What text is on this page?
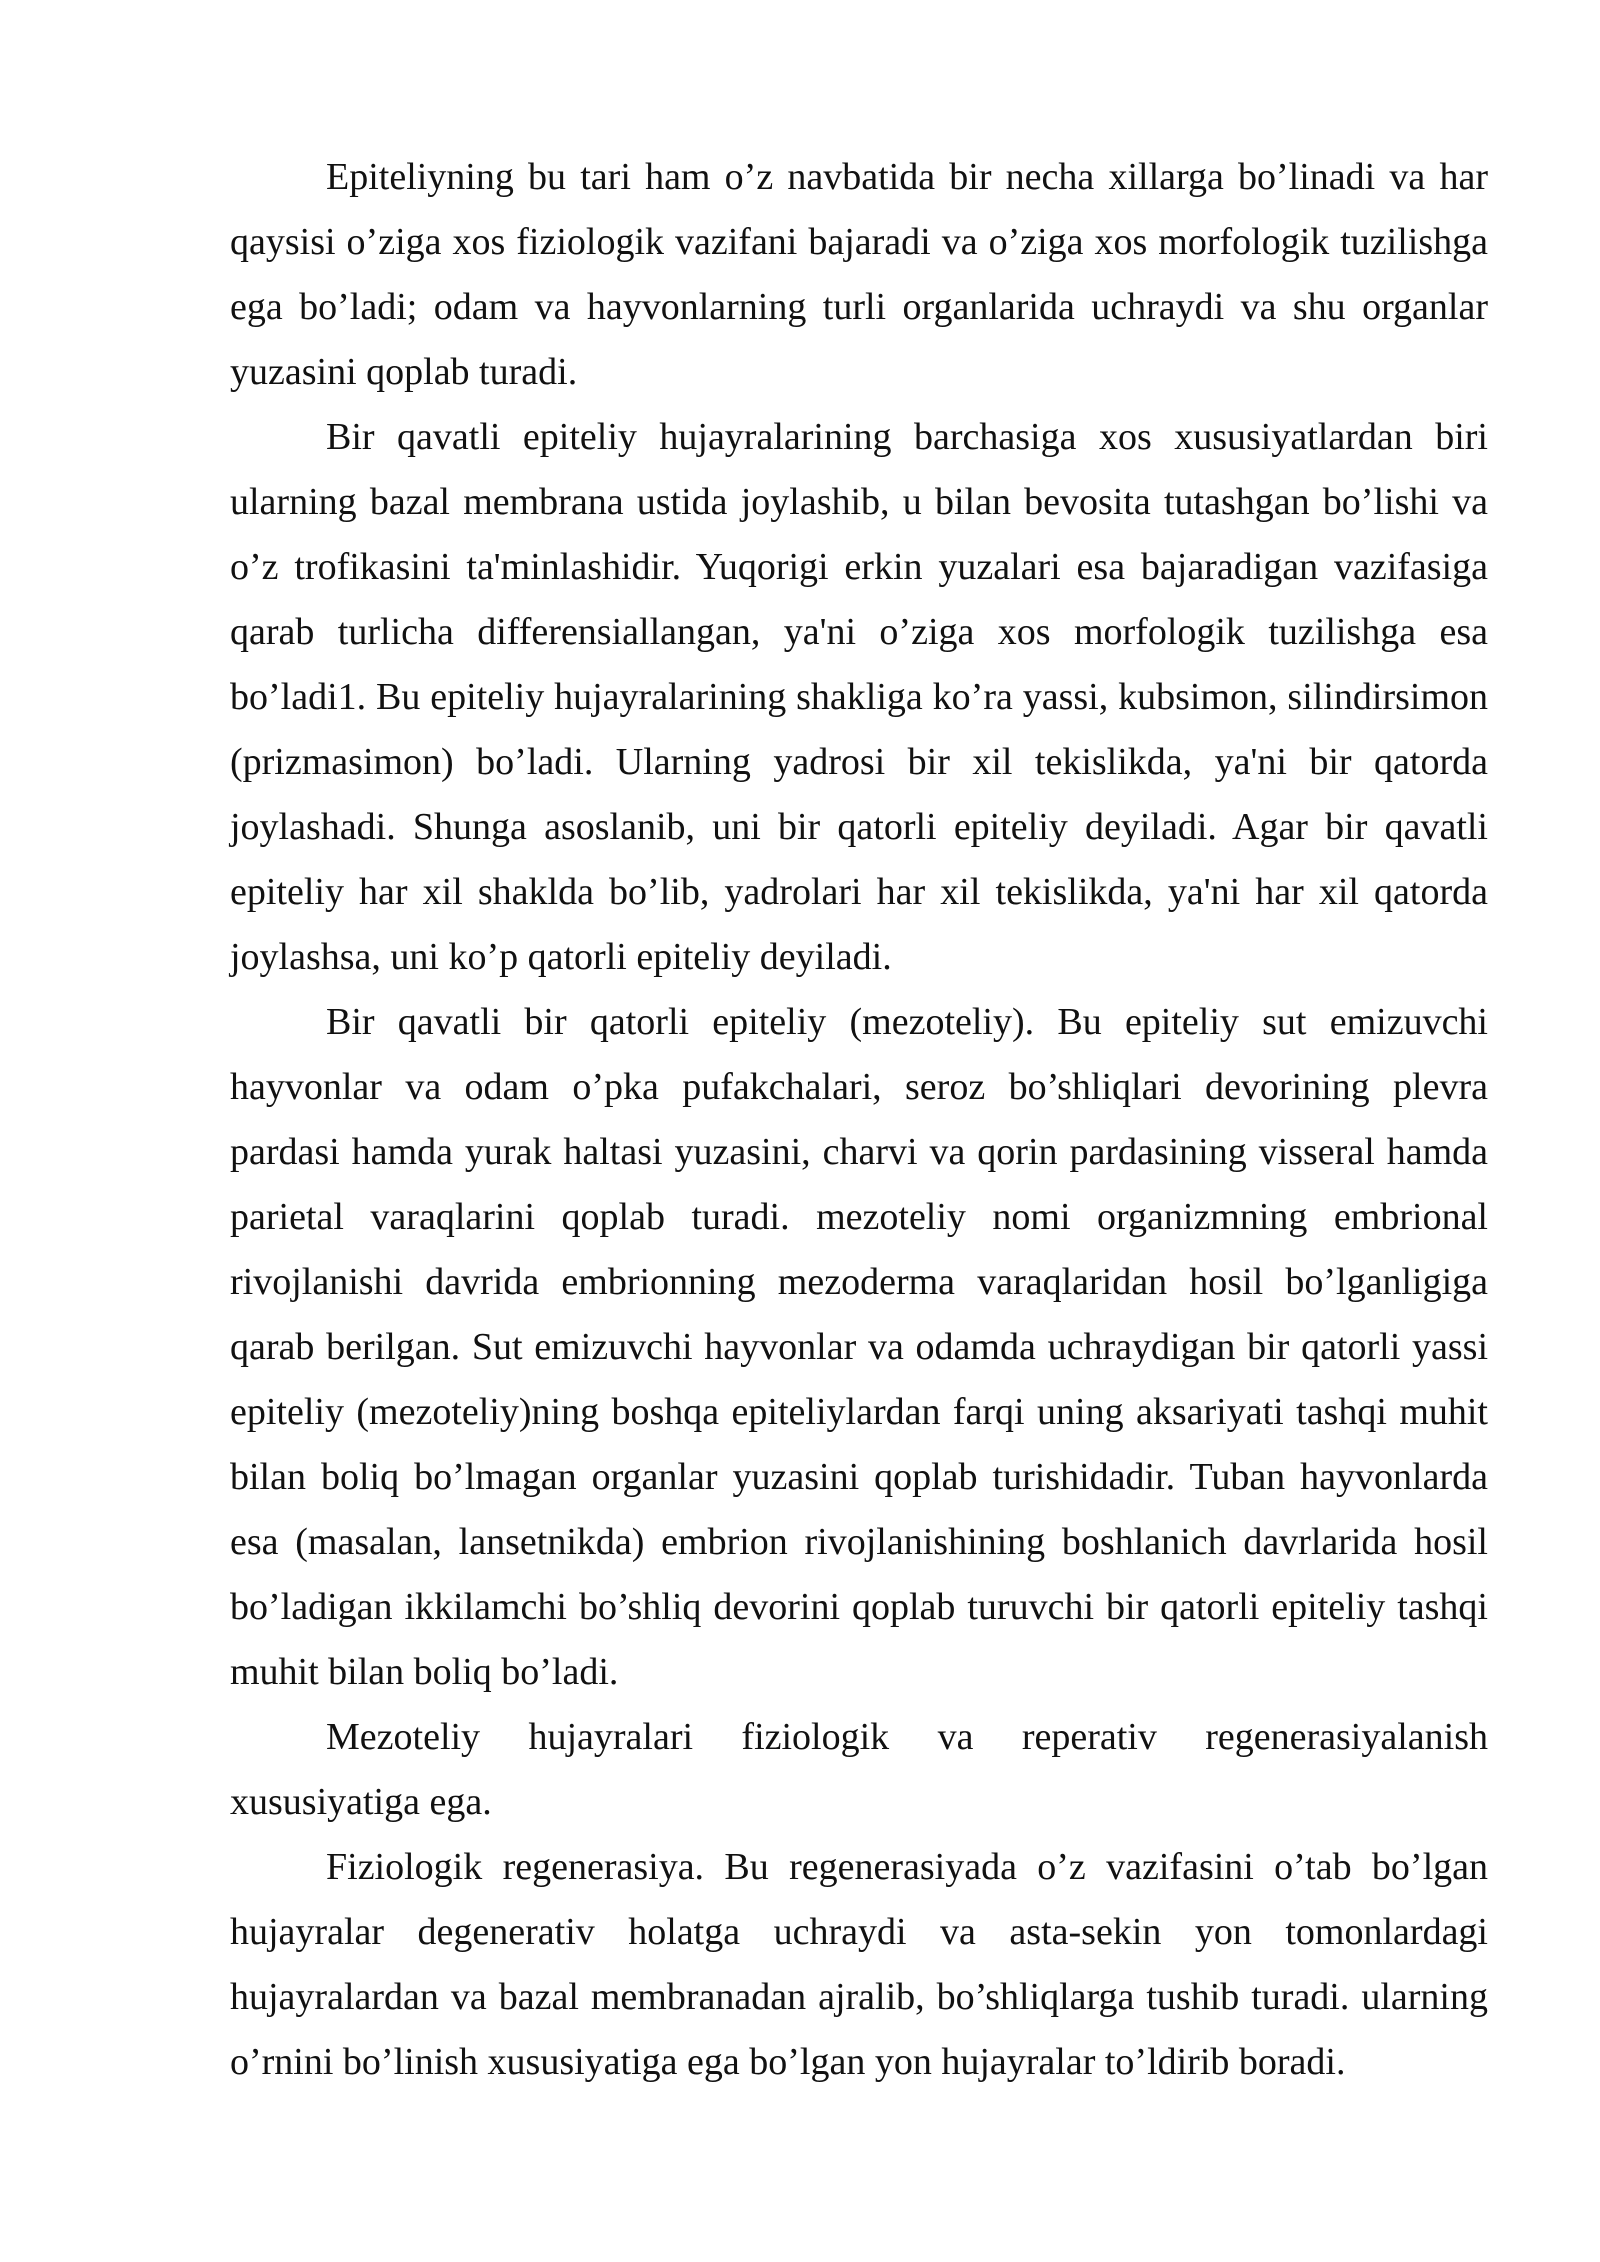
Epiteliyning bu tari ham o’z navbatida bir necha xillarga bo’linadi va har qaysisi o’ziga xos fiziologik vazifani bajaradi va o’ziga xos morfologik tuzilishga ega bo’ladi; odam va hayvonlarning turli organlarida uchraydi va shu organlar yuzasini qoplab turadi.

Bir qavatli epiteliy hujayralarining barchasiga xos xususiyatlardan biri ularning bazal membrana ustida joylashib, u bilan bevosita tutashgan bo’lishi va o’z trofikasini ta'minlashidir. Yuqorigi erkin yuzalari esa bajaradigan vazifasiga qarab turlicha differensiallangan, ya'ni o’ziga xos morfologik tuzilishga esa bo’ladi1. Bu epiteliy hujayralarining shakliga ko’ra yassi, kubsimon, silindirsimon (prizmasimon) bo’ladi. Ularning yadrosi bir xil tekislikda, ya'ni bir qatorda joylashadi. Shunga asoslanib, uni bir qatorli epiteliy deyiladi. Agar bir qavatli epiteliy har xil shaklda bo’lib, yadrolari har xil tekislikda, ya'ni har xil qatorda joylashsa, uni ko’p qatorli epiteliy deyiladi.

Bir qavatli bir qatorli epiteliy (mezoteliy). Bu epiteliy sut emizuvchi hayvonlar va odam o’pka pufakchalari, seroz bo’shliqlari devorining plevra pardasi hamda yurak haltasi yuzasini, charvi va qorin pardasining visseral hamda parietal varaqlarini qoplab turadi. mezoteliy nomi organizmning embrional rivojlanishi davrida embrionning mezoderma varaqlaridan hosil bo’lganligiga qarab berilgan. Sut emizuvchi hayvonlar va odamda uchraydigan bir qatorli yassi epiteliy (mezoteliy)ning boshqa epiteliylardan farqi uning aksariyati tashqi muhit bilan boliq bo’lmagan organlar yuzasini qoplab turishidadir. Tuban hayvonlarda esa (masalan, lansetnikda) embrion rivojlanishining boshlanich davrlarida hosil bo’ladigan ikkilamchi bo’shliq devorini qoplab turuvchi bir qatorli epiteliy tashqi muhit bilan boliq bo’ladi.

Mezoteliy hujayralari fiziologik va reperativ regenerasiyalanish xususiyatiga ega.

Fiziologik regenerasiya. Bu regenerasiyada o’z vazifasini o’tab bo’lgan hujayralar degenerativ holatga uchraydi va asta-sekin yon tomonlardagi hujayralardan va bazal membranadan ajralib, bo’shliqlarga tushib turadi. ularning o’rnini bo’linish xususiyatiga ega bo’lgan yon hujayralar to’ldirib boradi.
